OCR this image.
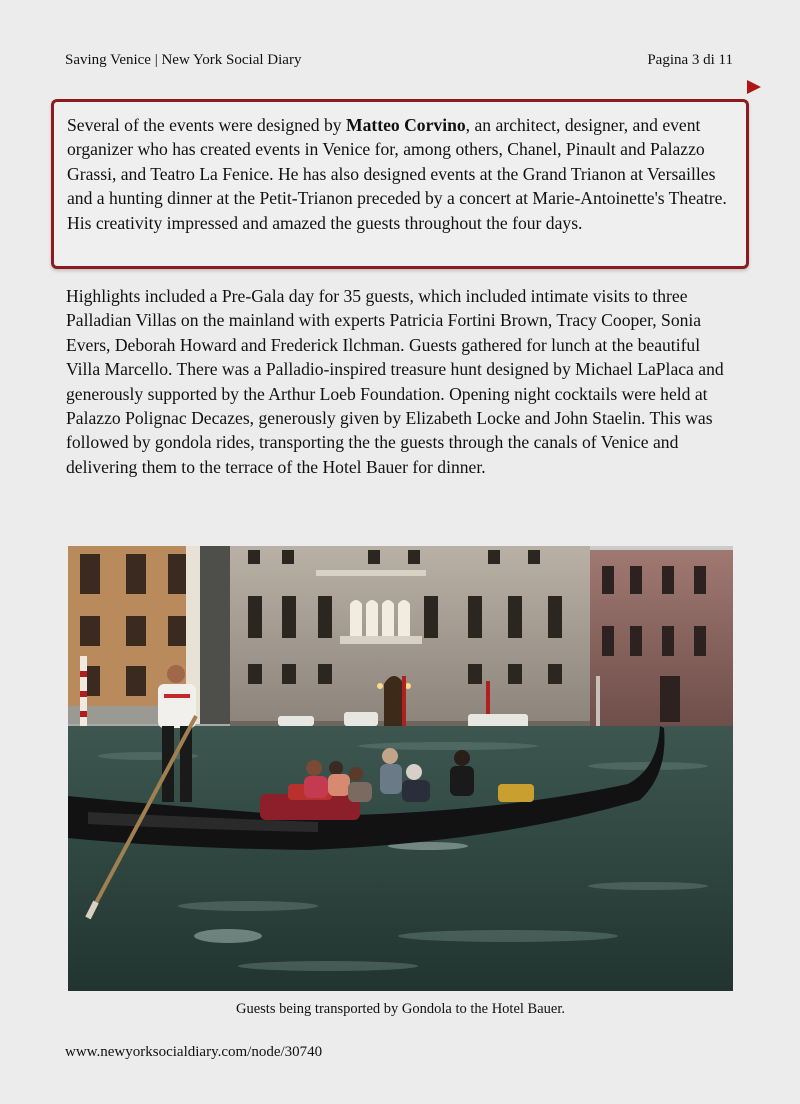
Saving Venice | New York Social Diary	Pagina 3 di 11

Several of the events were designed by Matteo Corvino, an architect, designer, and event organizer who has created events in Venice for, among others, Chanel, Pinault and Palazzo Grassi, and Teatro La Fenice. He has also designed events at the Grand Trianon at Versailles and a hunting dinner at the Petit-Trianon preceded by a concert at Marie-Antoinette's Theatre. His creativity impressed and amazed the guests throughout the four days.

Highlights included a Pre-Gala day for 35 guests, which included intimate visits to three Palladian Villas on the mainland with experts Patricia Fortini Brown, Tracy Cooper, Sonia Evers, Deborah Howard and Frederick Ilchman. Guests gathered for lunch at the beautiful Villa Marcello. There was a Palladio-inspired treasure hunt designed by Michael LaPlaca and generously supported by the Arthur Loeb Foundation. Opening night cocktails were held at Palazzo Polignac Decazes, generously given by Elizabeth Locke and John Staelin. This was followed by gondola rides, transporting the the guests through the canals of Venice and delivering them to the terrace of the Hotel Bauer for dinner.

Guests being transported by Gondola to the Hotel Bauer.
www.newyorksocialdiary.com/node/30740
